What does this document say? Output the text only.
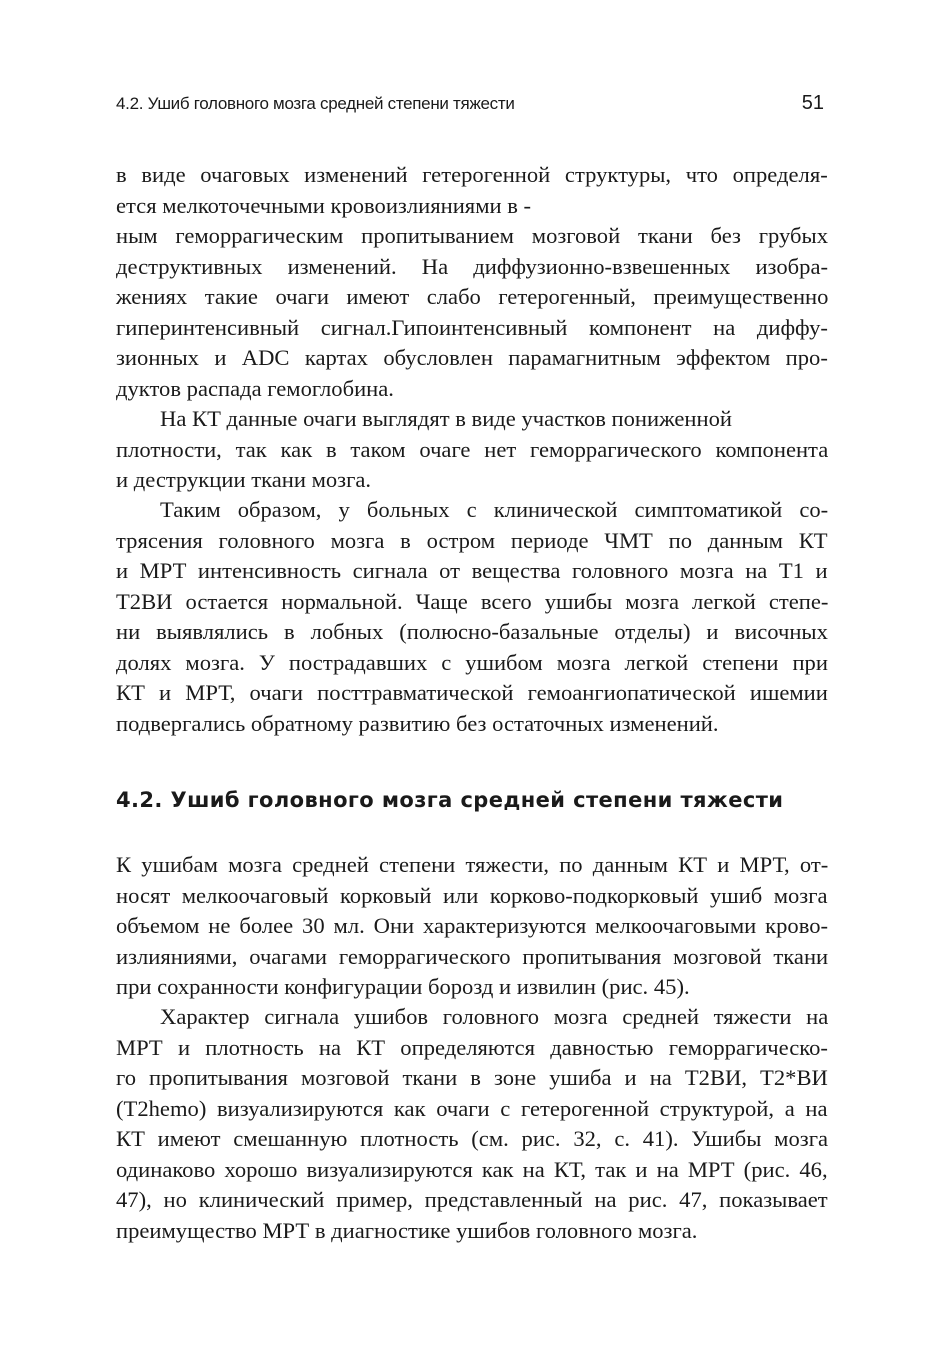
4.2. Ушиб головного мозга средней степени тяжести	51
в виде очаговых изменений гетерогенной структуры, что определя-
ется мелкоточечными кровоизлияниями в -
ным геморрагическим пропитыванием мозговой ткани без грубых
деструктивных изменений. На диффузионно-взвешенных изобра-
жениях такие очаги имеют слабо гетерогенный, преимущественно
гиперинтенсивный сигнал.Гипоинтенсивный компонент на диффу-
зионных и ADC картах обусловлен парамагнитным эффектом про-
дуктов распада гемоглобина.
На КТ данные очаги выглядят в виде участков пониженной
плотности, так как в таком очаге нет геморрагического компонента
и деструкции ткани мозга.
Таким образом, у больных с клинической симптоматикой со-
трясения головного мозга в остром периоде ЧМТ по данным КТ
и МРТ интенсивность сигнала от вещества головного мозга на Т1 и
Т2ВИ остается нормальной. Чаще всего ушибы мозга легкой степе-
ни выявлялись в лобных (полюсно-базальные отделы) и височных
долях мозга. У пострадавших с ушибом мозга легкой степени при
КТ и МРТ, очаги посттравматической гемоангиопатической ишемии
подвергались обратному развитию без остаточных изменений.
4.2. Ушиб головного мозга средней степени тяжести
К ушибам мозга средней степени тяжести, по данным КТ и МРТ, от-
носят мелкоочаговый корковый или корково-подкорковый ушиб мозга
объемом не более 30 мл. Они характеризуются мелкоочаговыми крово-
излияниями, очагами геморрагического пропитывания мозговой ткани
при сохранности конфигурации борозд и извилин (рис. 45).
Характер сигнала ушибов головного мозга средней тяжести на
МРТ и плотность на КТ определяются давностью геморрагическо-
го пропитывания мозговой ткани в зоне ушиба и на Т2ВИ, Т2*ВИ
(T2hemo) визуализируются как очаги с гетерогенной структурой, а на
КТ имеют смешанную плотность (см. рис. 32, с. 41). Ушибы мозга
одинаково хорошо визуализируются как на КТ, так и на МРТ (рис. 46,
47), но клинический пример, представленный на рис. 47, показывает
преимущество МРТ в диагностике ушибов головного мозга.
